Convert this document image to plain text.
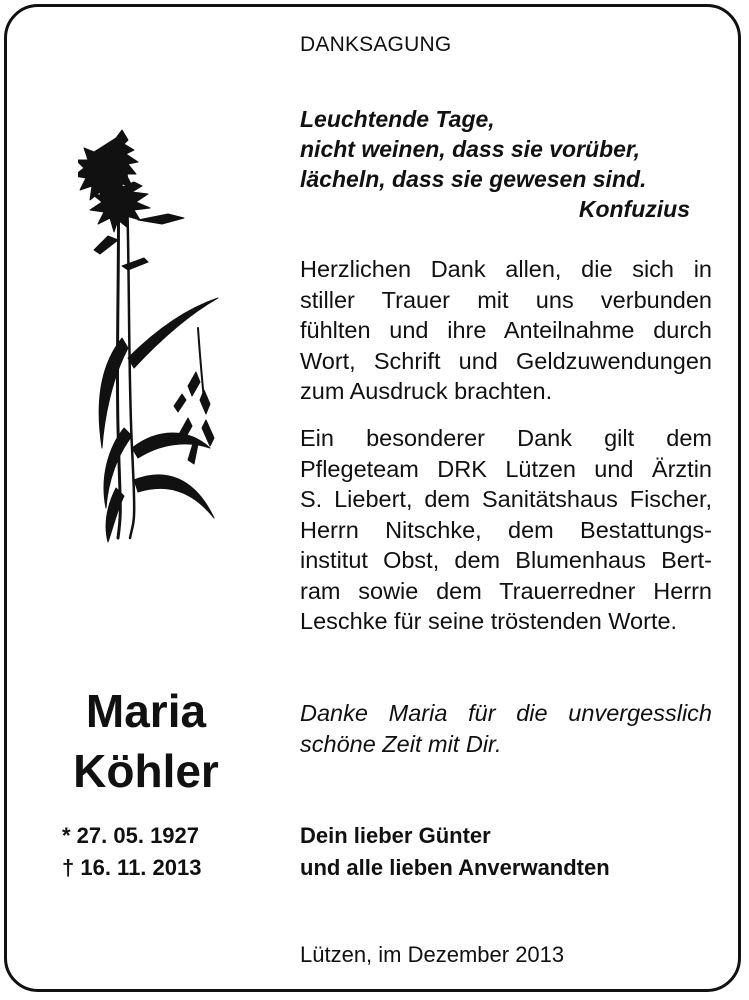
DANKSAGUNG
Leuchtende Tage,
nicht weinen, dass sie vorüber,
lächeln, dass sie gewesen sind.
Konfuzius
Herzlichen Dank allen, die sich in
stiller Trauer mit uns verbunden
fühlten und ihre Anteilnahme durch
Wort, Schrift und Geldzuwendungen
zum Ausdruck brachten.
Ein besonderer Dank gilt dem
Pflegeteam DRK Lützen und Ärztin
S. Liebert, dem Sanitätshaus Fischer,
Herrn Nitschke, dem Bestattungs-
institut Obst, dem Blumenhaus Bert-
ram sowie dem Trauerredner Herrn
Leschke für seine tröstenden Worte.
Maria
Köhler
* 27. 05. 1927
† 16. 11. 2013
Danke Maria für die unvergesslich
schöne Zeit mit Dir.
Dein lieber Günter
und alle lieben Anverwandten
Lützen, im Dezember 2013
